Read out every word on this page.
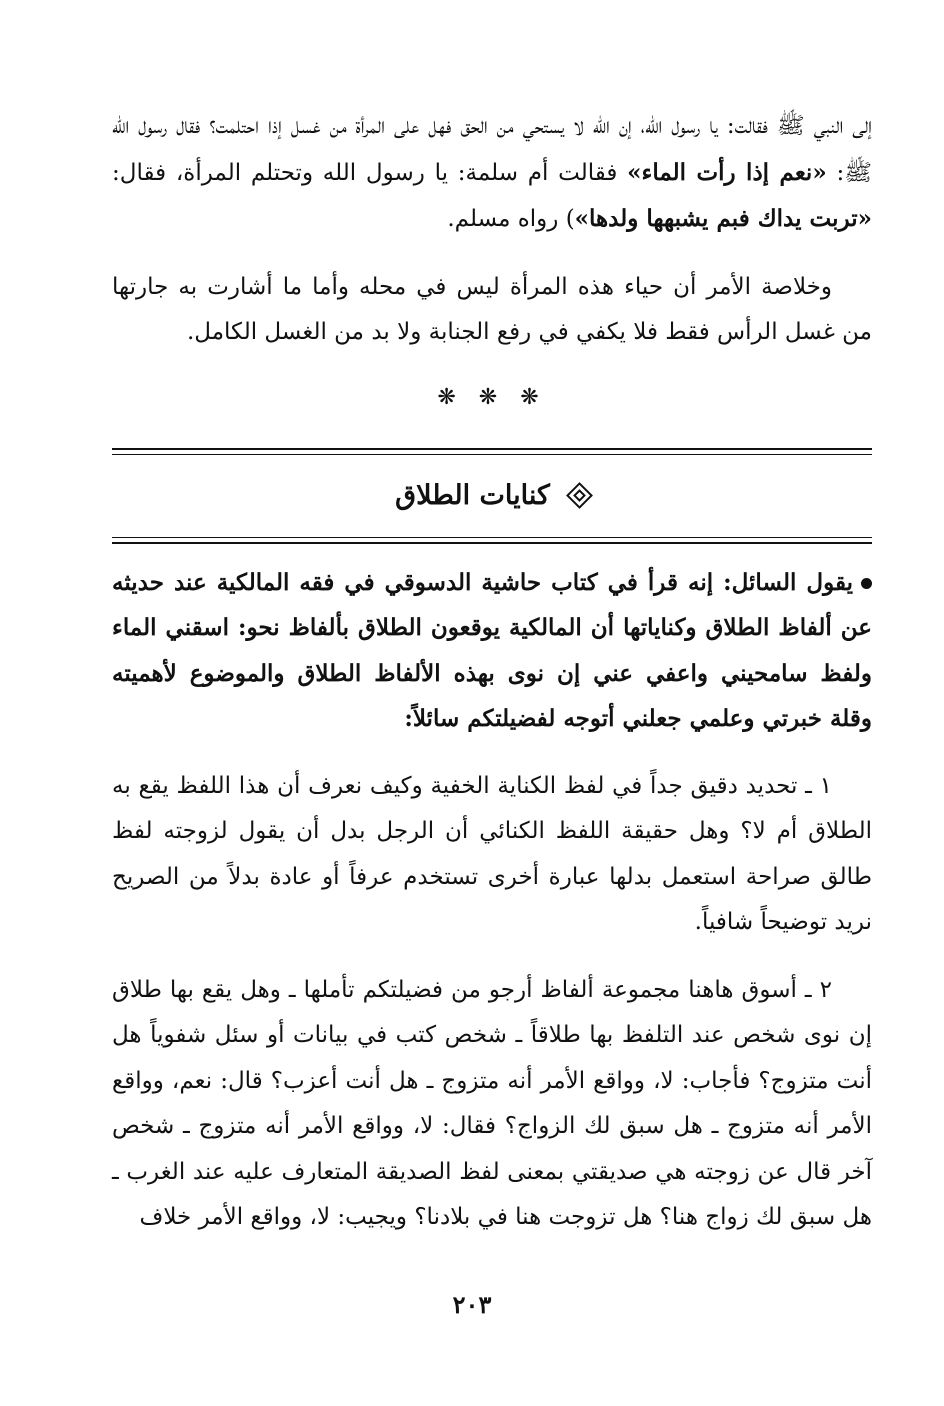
إلى النبي ﷺ فقالت: يا رسول الله، إن الله لا يستحي من الحق فهل على المرأة من غسل إذا احتلمت؟ فقال رسول الله ﷺ: «نعم إذا رأت الماء» فقالت أم سلمة: يا رسول الله وتحتلم المرأة، فقال: «تربت يداك فبم يشبهها ولدها») رواه مسلم.

وخلاصة الأمر أن حياء هذه المرأة ليس في محله وأما ما أشارت به جارتها من غسل الرأس فقط فلا يكفي في رفع الجنابة ولا بد من الغسل الكامل.

❋ ❋ ❋
كنايات الطلاق

يقول السائل: إنه قرأ في كتاب حاشية الدسوقي في فقه المالكية عند حديثه عن ألفاظ الطلاق وكناياتها أن المالكية يوقعون الطلاق بألفاظ نحو: اسقني الماء ولفظ سامحيني واعفي عني إن نوى بهذه الألفاظ الطلاق والموضوع لأهميته وقلة خبرتي وعلمي جعلني أتوجه لفضيلتكم سائلاً:

١ ـ تحديد دقيق جداً في لفظ الكناية الخفية وكيف نعرف أن هذا اللفظ يقع به الطلاق أم لا؟ وهل حقيقة اللفظ الكنائي أن الرجل بدل أن يقول لزوجته لفظ طالق صراحة استعمل بدلها عبارة أخرى تستخدم عرفاً أو عادة بدلاً من الصريح نريد توضيحاً شافياً.

٢ ـ أسوق هاهنا مجموعة ألفاظ أرجو من فضيلتكم تأملها ـ وهل يقع بها طلاق إن نوى شخص عند التلفظ بها طلاقاً ـ شخص كتب في بيانات أو سئل شفوياً هل أنت متزوج؟ فأجاب: لا، وواقع الأمر أنه متزوج ـ هل أنت أعزب؟ قال: نعم، وواقع الأمر أنه متزوج ـ هل سبق لك الزواج؟ فقال: لا، وواقع الأمر أنه متزوج ـ شخص آخر قال عن زوجته هي صديقتي بمعنى لفظ الصديقة المتعارف عليه عند الغرب ـ هل سبق لك زواج هنا؟ هل تزوجت هنا في بلادنا؟ ويجيب: لا، وواقع الأمر خلاف

٢٠٣
